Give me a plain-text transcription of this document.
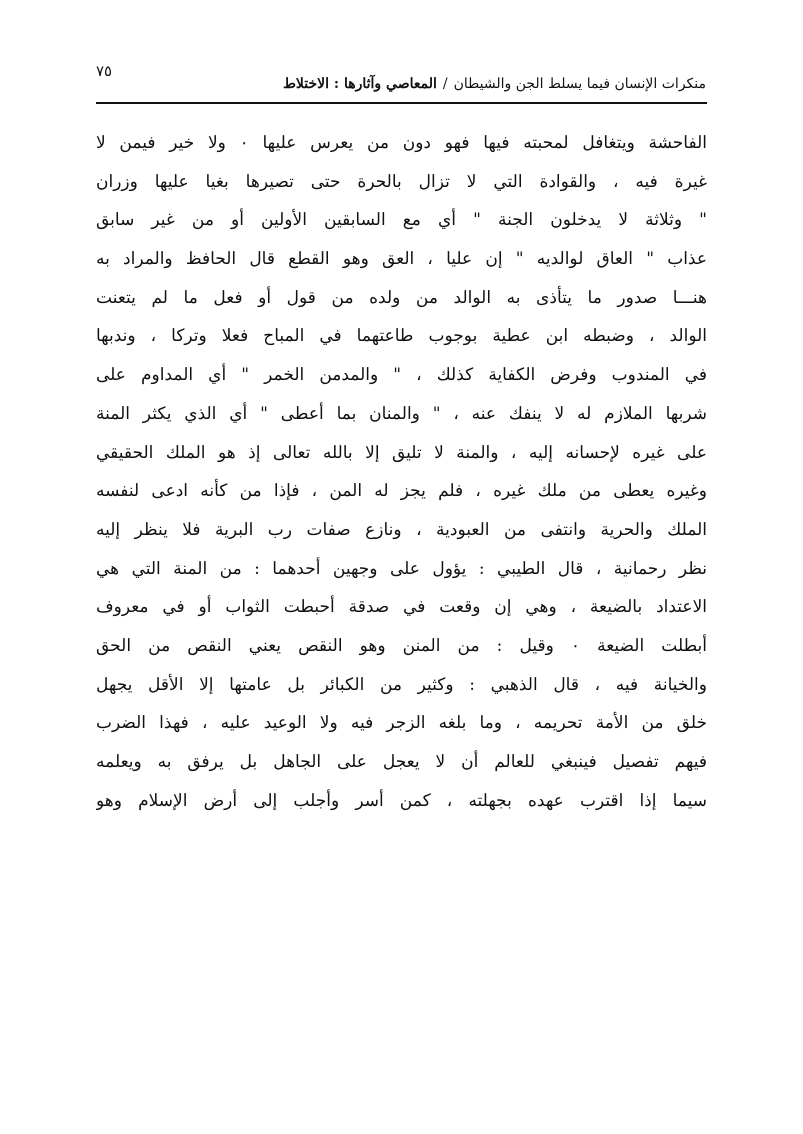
٧٥
منكرات الإنسان فيما يسلط الجن والشيطان/المعاصي وآثارها : الاختلاط
الفاحشة ويتغافل لمحبته فيها فهو دون من يعرس عليها ٠ ولا خير فيمن لا
غيرة فيه ، والقوادة التي لا تزال بالحرة حتى تصيرها بغيا عليها وزران
" وثلاثة لا يدخلون الجنة " أي مع السابقين الأولين أو من غير سابق
عذاب " العاق لوالديه " إن عليا ، العق وهو القطع قال الحافظ والمراد به
هنـــا صدور ما يتأذى به الوالد من ولده من قول أو فعل ما لم يتعنت
الوالد ، وضبطه ابن عطية بوجوب طاعتهما في المباح فعلا وتركا ، وندبها
في المندوب وفرض الكفاية كذلك ، " والمدمن الخمر " أي المداوم على
شربها الملازم له لا ينفك عنه ، " والمنان بما أعطى " أي الذي يكثر المنة
على غيره لإحسانه إليه ، والمنة لا تليق إلا بالله تعالى إذ هو الملك الحقيقي
وغيره يعطى من ملك غيره ، فلم يجز له المن ، فإذا من كأنه ادعى لنفسه
الملك والحرية وانتفى من العبودية ، ونازع صفات رب البرية فلا ينظر إليه
نظر رحمانية ، قال الطيبي : يؤول على وجهين أحدهما : من المنة التي هي
الاعتداد بالضيعة ، وهي إن وقعت في صدقة أحبطت الثواب أو في معروف
أبطلت الضيعة ٠ وقيل : من المنن وهو النقص يعني النقص من الحق
والخيانة فيه ، قال الذهبي : وكثير من الكبائر بل عامتها إلا الأقل يجهل
خلق من الأمة تحريمه ، وما بلغه الزجر فيه ولا الوعيد عليه ، فهذا الضرب
فيهم تفصيل فينبغي للعالم أن لا يعجل على الجاهل بل يرفق به ويعلمه
سيما إذا اقترب عهده بجهلته ، كمن أسر وأجلب إلى أرض الإسلام وهو
